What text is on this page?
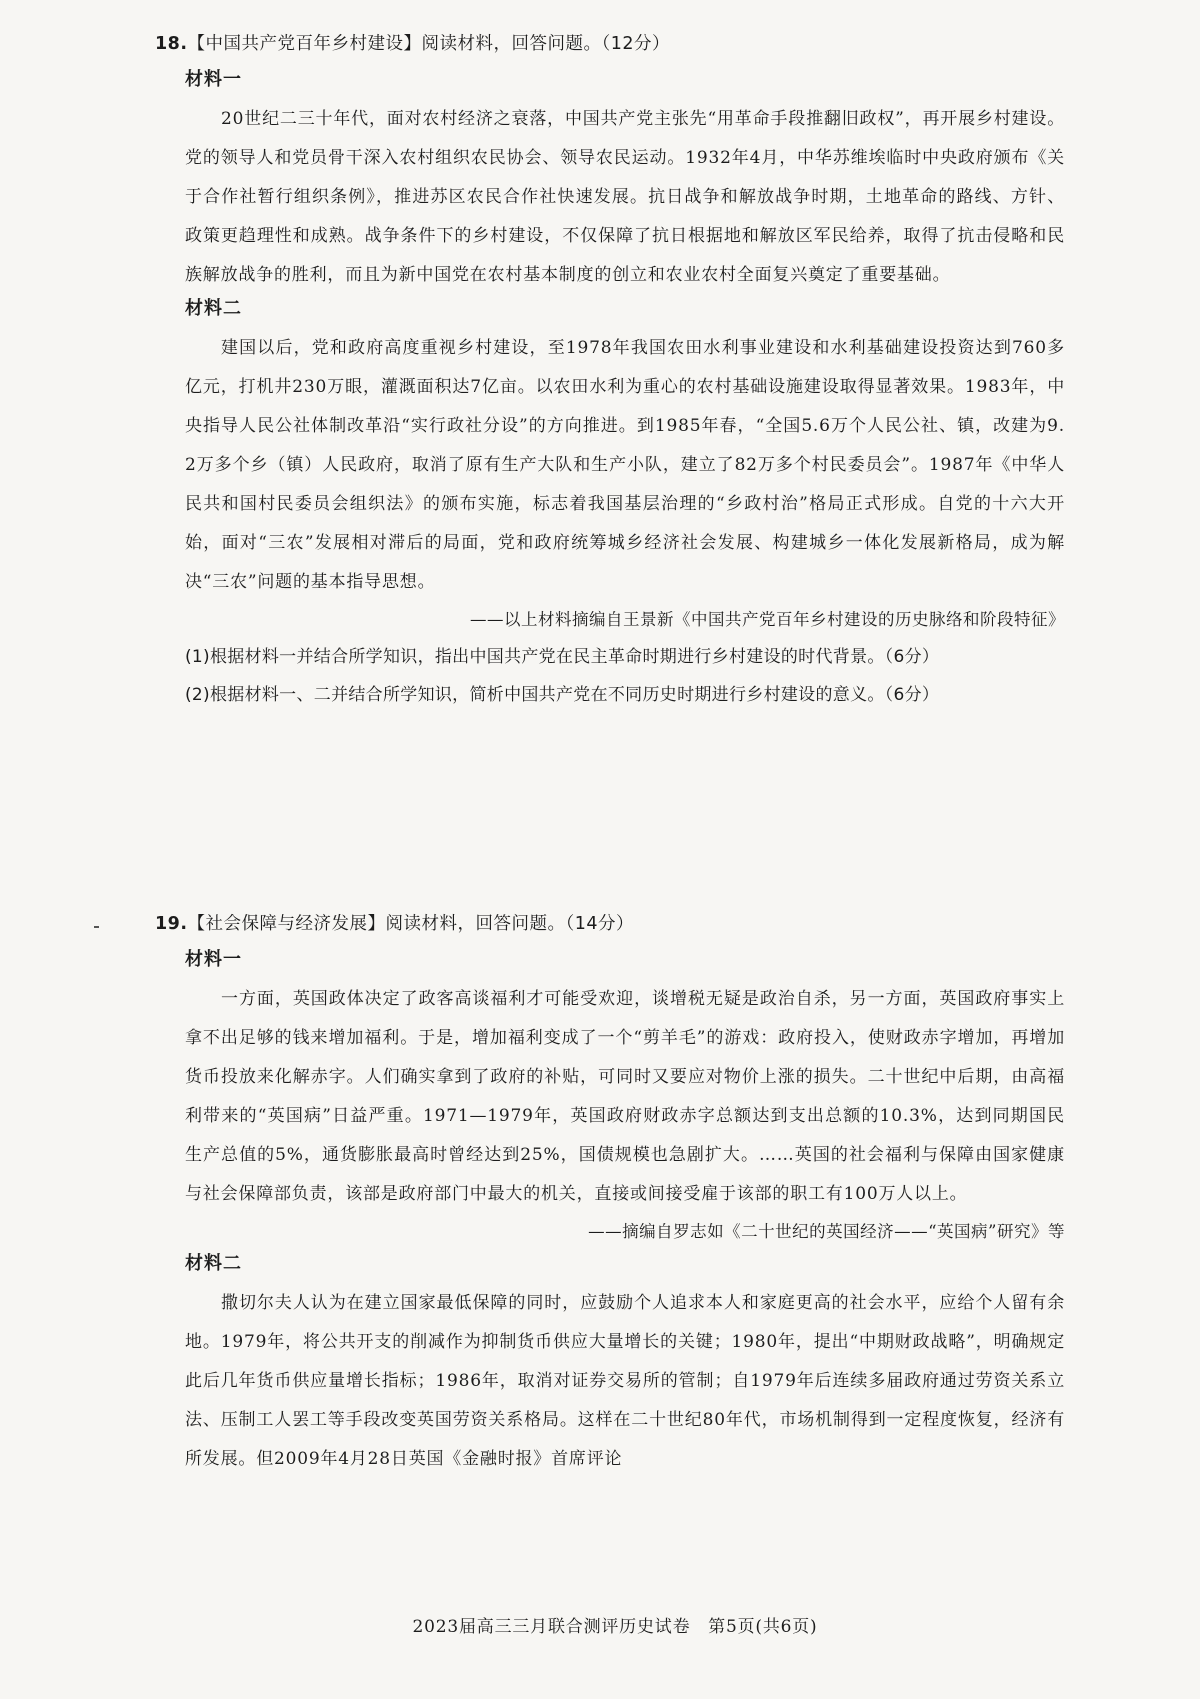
18.【中国共产党百年乡村建设】阅读材料，回答问题。（12分）
材料一
20世纪二三十年代，面对农村经济之衰落，中国共产党主张先“用革命手段推翻旧政权”，再开展乡村建设。党的领导人和党员骨干深入农村组织农民协会、领导农民运动。1932年4月，中华苏维埃临时中央政府颁布《关于合作社暂行组织条例》，推进苏区农民合作社快速发展。抗日战争和解放战争时期，土地革命的路线、方针、政策更趋理性和成熟。战争条件下的乡村建设，不仅保障了抗日根据地和解放区军民给养，取得了抗击侵略和民族解放战争的胜利，而且为新中国党在农村基本制度的创立和农业农村全面复兴奠定了重要基础。
材料二
建国以后，党和政府高度重视乡村建设，至1978年我国农田水利事业建设和水利基础建设投资达到760多亿元，打机井230万眼，灌溉面积达7亿亩。以农田水利为重心的农村基础设施建设取得显著效果。1983年，中央指导人民公社体制改革沿“实行政社分设”的方向推进。到1985年春，“全国5.6万个人民公社、镇，改建为9.2万多个乡（镇）人民政府，取消了原有生产大队和生产小队，建立了82万多个村民委员会”。1987年《中华人民共和国村民委员会组织法》的颁布实施，标志着我国基层治理的“乡政村治”格局正式形成。自党的十六大开始，面对“三农”发展相对滞后的局面，党和政府统筹城乡经济社会发展、构建城乡一体化发展新格局，成为解决“三农”问题的基本指导思想。
——以上材料摘编自王景新《中国共产党百年乡村建设的历史脉络和阶段特征》
(1)根据材料一并结合所学知识，指出中国共产党在民主革命时期进行乡村建设的时代背景。（6分）
(2)根据材料一、二并结合所学知识，简析中国共产党在不同历史时期进行乡村建设的意义。（6分）
19.【社会保障与经济发展】阅读材料，回答问题。（14分）
材料一
一方面，英国政体决定了政客高谈福利才可能受欢迎，谈增税无疑是政治自杀，另一方面，英国政府事实上拿不出足够的钱来增加福利。于是，增加福利变成了一个“剪羊毛”的游戏：政府投入，使财政赤字增加，再增加货币投放来化解赤字。人们确实拿到了政府的补贴，可同时又要应对物价上涨的损失。二十世纪中后期，由高福利带来的“英国病”日益严重。1971—1979年，英国政府财政赤字总额达到支出总额的10.3%，达到同期国民生产总值的5%，通货膨胀最高时曾经达到25%，国债规模也急剧扩大。……英国的社会福利与保障由国家健康与社会保障部负责，该部是政府部门中最大的机关，直接或间接受雇于该部的职工有100万人以上。
——摘编自罗志如《二十世纪的英国经济——“英国病”研究》等
材料二
撒切尔夫人认为在建立国家最低保障的同时，应鼓励个人追求本人和家庭更高的社会水平，应给个人留有余地。1979年，将公共开支的削减作为抑制货币供应大量增长的关键；1980年，提出“中期财政战略”，明确规定此后几年货币供应量增长指标；1986年，取消对证券交易所的管制；自1979年后连续多届政府通过劳资关系立法、压制工人罢工等手段改变英国劳资关系格局。这样在二十世纪80年代，市场机制得到一定程度恢复，经济有所发展。但2009年4月28日英国《金融时报》首席评论
2023届高三三月联合测评历史试卷　第5页(共6页)
